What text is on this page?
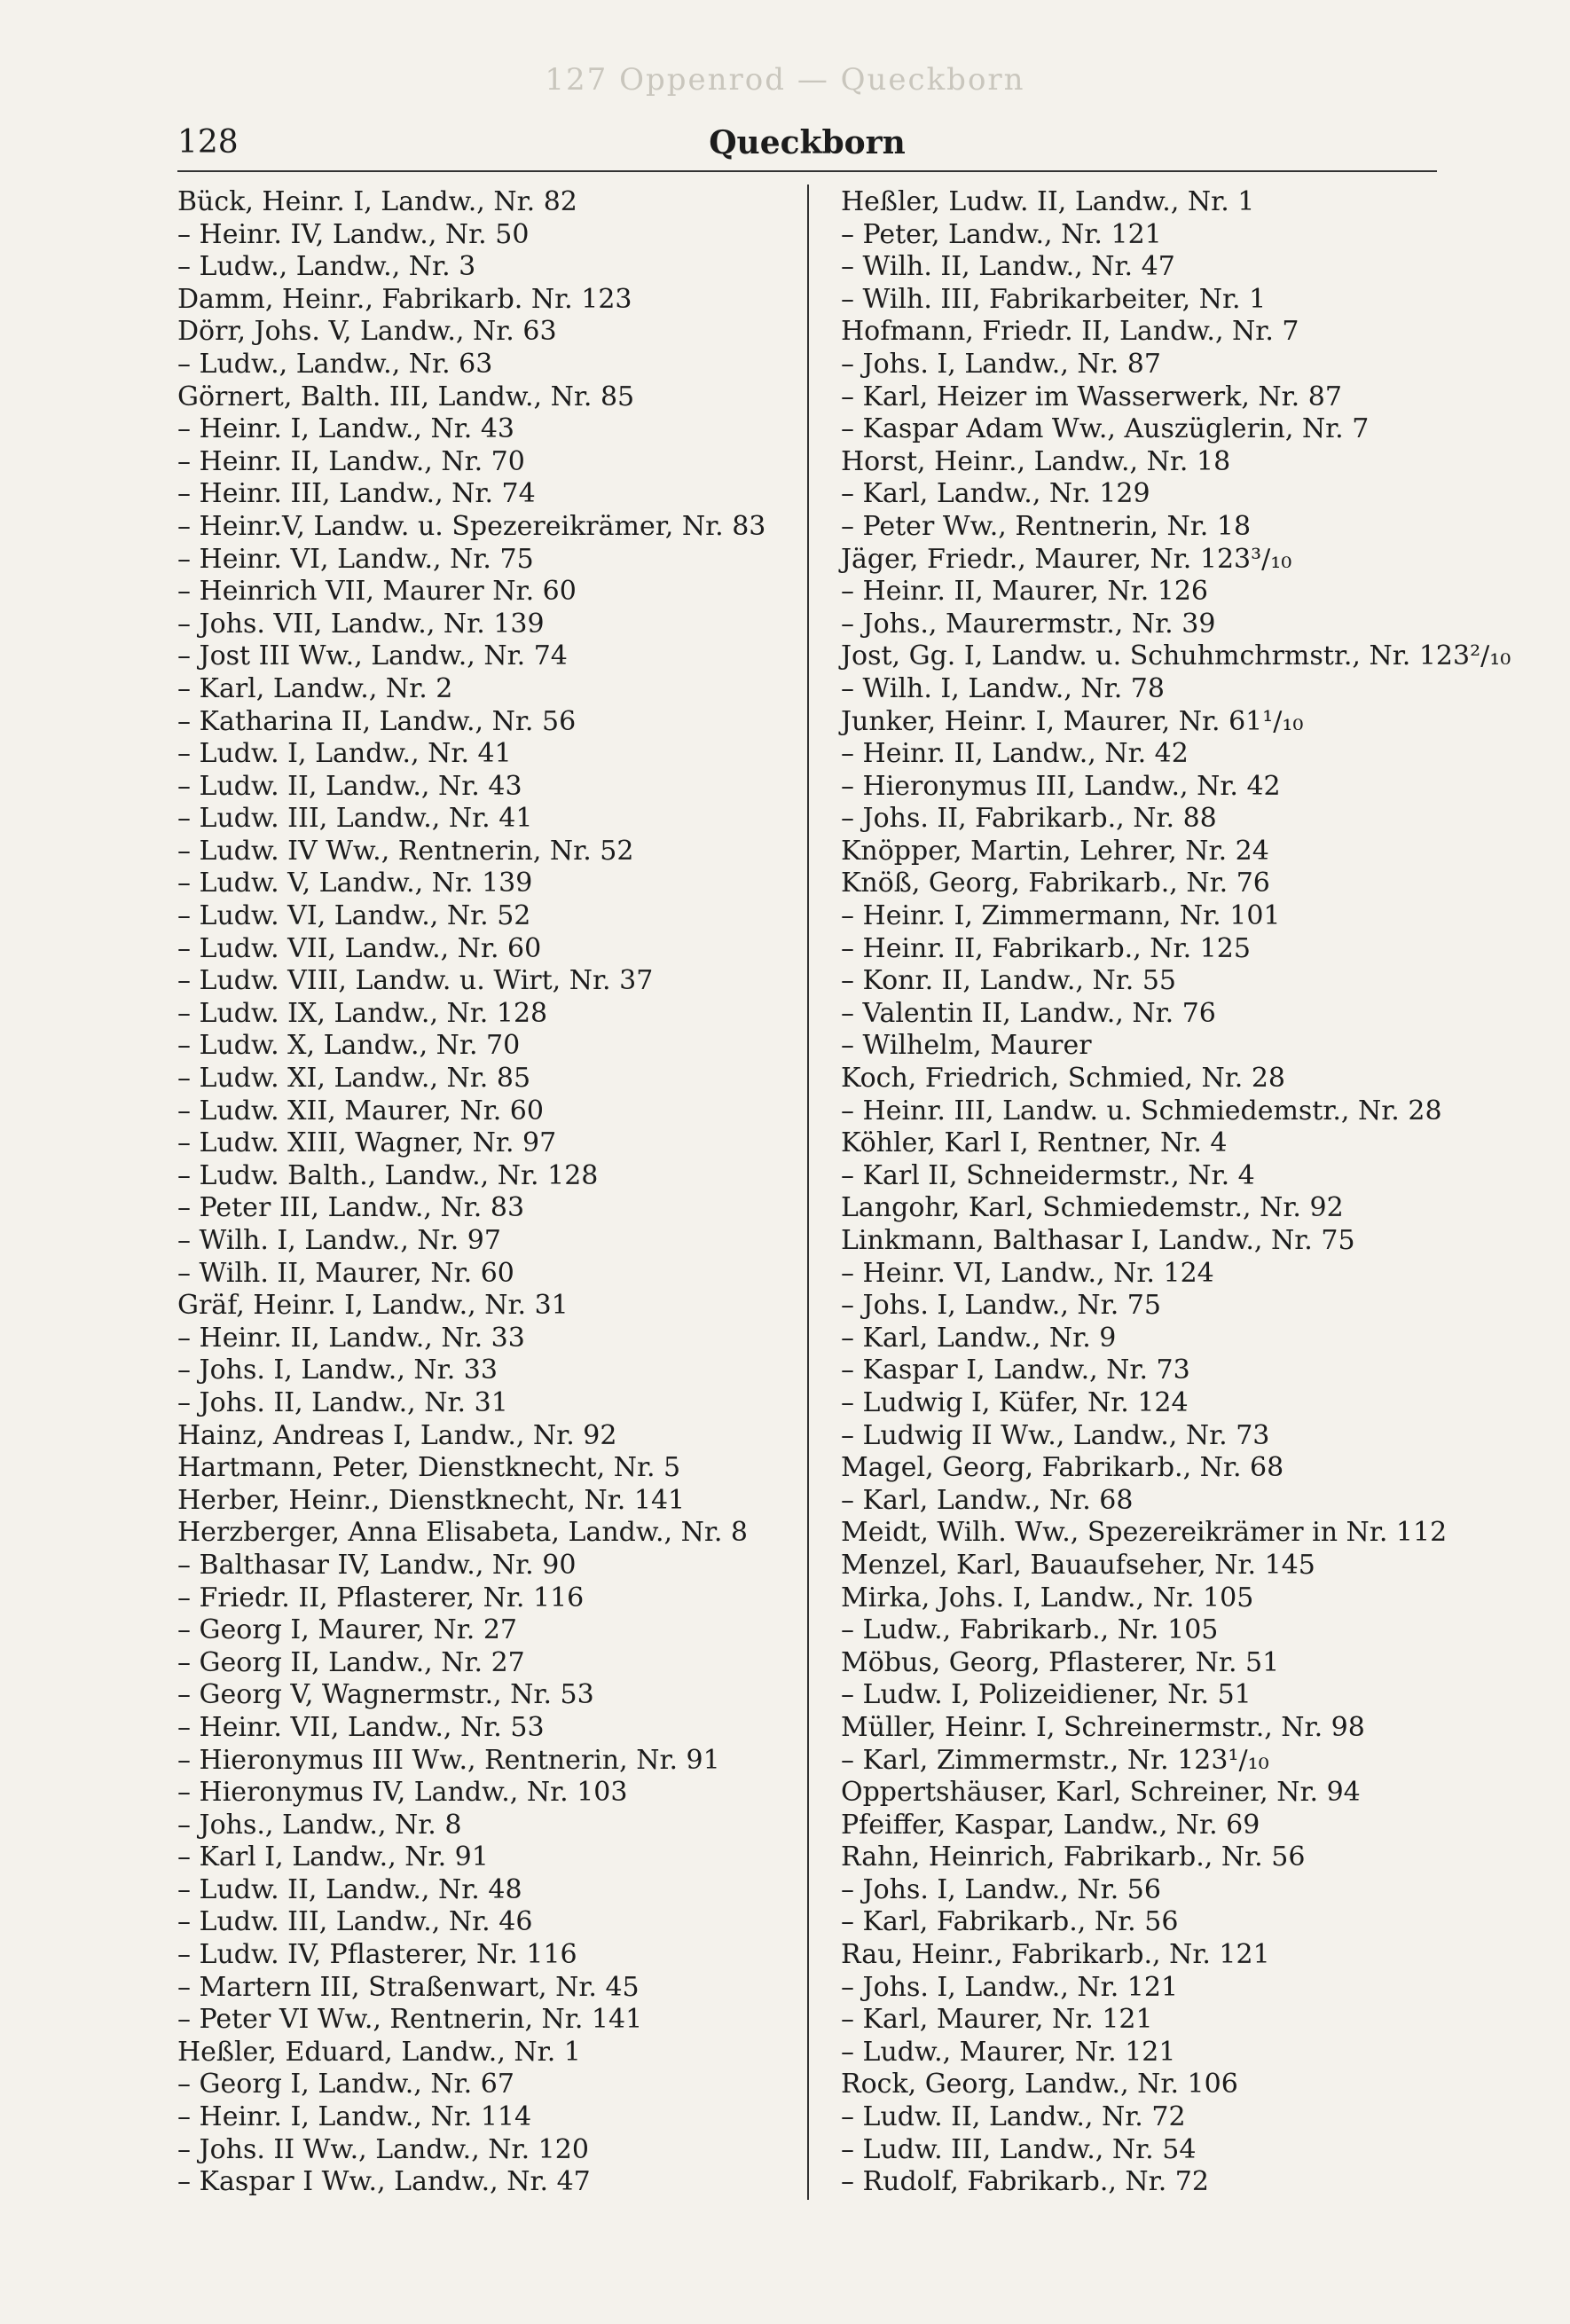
127 Oppenrod — Queckborn
128	Queckborn
Bück, Heinr. I, Landw., Nr. 82
– Heinr. IV, Landw., Nr. 50
– Ludw., Landw., Nr. 3
Damm, Heinr., Fabrikarb. Nr. 123
Dörr, Johs. V, Landw., Nr. 63
– Ludw., Landw., Nr. 63
Görnert, Balth. III, Landw., Nr. 85
– Heinr. I, Landw., Nr. 43
– Heinr. II, Landw., Nr. 70
– Heinr. III, Landw., Nr. 74
– Heinr.V, Landw. u. Spezereikrämer, Nr. 83
– Heinr. VI, Landw., Nr. 75
– Heinrich VII, Maurer Nr. 60
– Johs. VII, Landw., Nr. 139
– Jost III Ww., Landw., Nr. 74
– Karl, Landw., Nr. 2
– Katharina II, Landw., Nr. 56
– Ludw. I, Landw., Nr. 41
– Ludw. II, Landw., Nr. 43
– Ludw. III, Landw., Nr. 41
– Ludw. IV Ww., Rentnerin, Nr. 52
– Ludw. V, Landw., Nr. 139
– Ludw. VI, Landw., Nr. 52
– Ludw. VII, Landw., Nr. 60
– Ludw. VIII, Landw. u. Wirt, Nr. 37
– Ludw. IX, Landw., Nr. 128
– Ludw. X, Landw., Nr. 70
– Ludw. XI, Landw., Nr. 85
– Ludw. XII, Maurer, Nr. 60
– Ludw. XIII, Wagner, Nr. 97
– Ludw. Balth., Landw., Nr. 128
– Peter III, Landw., Nr. 83
– Wilh. I, Landw., Nr. 97
– Wilh. II, Maurer, Nr. 60
Gräf, Heinr. I, Landw., Nr. 31
– Heinr. II, Landw., Nr. 33
– Johs. I, Landw., Nr. 33
– Johs. II, Landw., Nr. 31
Hainz, Andreas I, Landw., Nr. 92
Hartmann, Peter, Dienstknecht, Nr. 5
Herber, Heinr., Dienstknecht, Nr. 141
Herzberger, Anna Elisabeta, Landw., Nr. 8
– Balthasar IV, Landw., Nr. 90
– Friedr. II, Pflasterer, Nr. 116
– Georg I, Maurer, Nr. 27
– Georg II, Landw., Nr. 27
– Georg V, Wagnermstr., Nr. 53
– Heinr. VII, Landw., Nr. 53
– Hieronymus III Ww., Rentnerin, Nr. 91
– Hieronymus IV, Landw., Nr. 103
– Johs., Landw., Nr. 8
– Karl I, Landw., Nr. 91
– Ludw. II, Landw., Nr. 48
– Ludw. III, Landw., Nr. 46
– Ludw. IV, Pflasterer, Nr. 116
– Martern III, Straßenwart, Nr. 45
– Peter VI Ww., Rentnerin, Nr. 141
Heßler, Eduard, Landw., Nr. 1
– Georg I, Landw., Nr. 67
– Heinr. I, Landw., Nr. 114
– Johs. II Ww., Landw., Nr. 120
– Kaspar I Ww., Landw., Nr. 47
Heßler, Ludw. II, Landw., Nr. 1
– Peter, Landw., Nr. 121
– Wilh. II, Landw., Nr. 47
– Wilh. III, Fabrikarbeiter, Nr. 1
Hofmann, Friedr. II, Landw., Nr. 7
– Johs. I, Landw., Nr. 87
– Karl, Heizer im Wasserwerk, Nr. 87
– Kaspar Adam Ww., Auszüglerin, Nr. 7
Horst, Heinr., Landw., Nr. 18
– Karl, Landw., Nr. 129
– Peter Ww., Rentnerin, Nr. 18
Jäger, Friedr., Maurer, Nr. 123³/₁₀
– Heinr. II, Maurer, Nr. 126
– Johs., Maurermstr., Nr. 39
Jost, Gg. I, Landw. u. Schuhmchrmstr., Nr. 123²/₁₀
– Wilh. I, Landw., Nr. 78
Junker, Heinr. I, Maurer, Nr. 61¹/₁₀
– Heinr. II, Landw., Nr. 42
– Hieronymus III, Landw., Nr. 42
– Johs. II, Fabrikarb., Nr. 88
Knöpper, Martin, Lehrer, Nr. 24
Knöß, Georg, Fabrikarb., Nr. 76
– Heinr. I, Zimmermann, Nr. 101
– Heinr. II, Fabrikarb., Nr. 125
– Konr. II, Landw., Nr. 55
– Valentin II, Landw., Nr. 76
– Wilhelm, Maurer
Koch, Friedrich, Schmied, Nr. 28
– Heinr. III, Landw. u. Schmiedemstr., Nr. 28
Köhler, Karl I, Rentner, Nr. 4
– Karl II, Schneidermstr., Nr. 4
Langohr, Karl, Schmiedemstr., Nr. 92
Linkmann, Balthasar I, Landw., Nr. 75
– Heinr. VI, Landw., Nr. 124
– Johs. I, Landw., Nr. 75
– Karl, Landw., Nr. 9
– Kaspar I, Landw., Nr. 73
– Ludwig I, Küfer, Nr. 124
– Ludwig II Ww., Landw., Nr. 73
Magel, Georg, Fabrikarb., Nr. 68
– Karl, Landw., Nr. 68
Meidt, Wilh. Ww., Spezereikrämer in Nr. 112
Menzel, Karl, Bauaufseher, Nr. 145
Mirka, Johs. I, Landw., Nr. 105
– Ludw., Fabrikarb., Nr. 105
Möbus, Georg, Pflasterer, Nr. 51
– Ludw. I, Polizeidiener, Nr. 51
Müller, Heinr. I, Schreinermstr., Nr. 98
– Karl, Zimmermstr., Nr. 123¹/₁₀
Oppertshäuser, Karl, Schreiner, Nr. 94
Pfeiffer, Kaspar, Landw., Nr. 69
Rahn, Heinrich, Fabrikarb., Nr. 56
– Johs. I, Landw., Nr. 56
– Karl, Fabrikarb., Nr. 56
Rau, Heinr., Fabrikarb., Nr. 121
– Johs. I, Landw., Nr. 121
– Karl, Maurer, Nr. 121
– Ludw., Maurer, Nr. 121
Rock, Georg, Landw., Nr. 106
– Ludw. II, Landw., Nr. 72
– Ludw. III, Landw., Nr. 54
– Rudolf, Fabrikarb., Nr. 72
